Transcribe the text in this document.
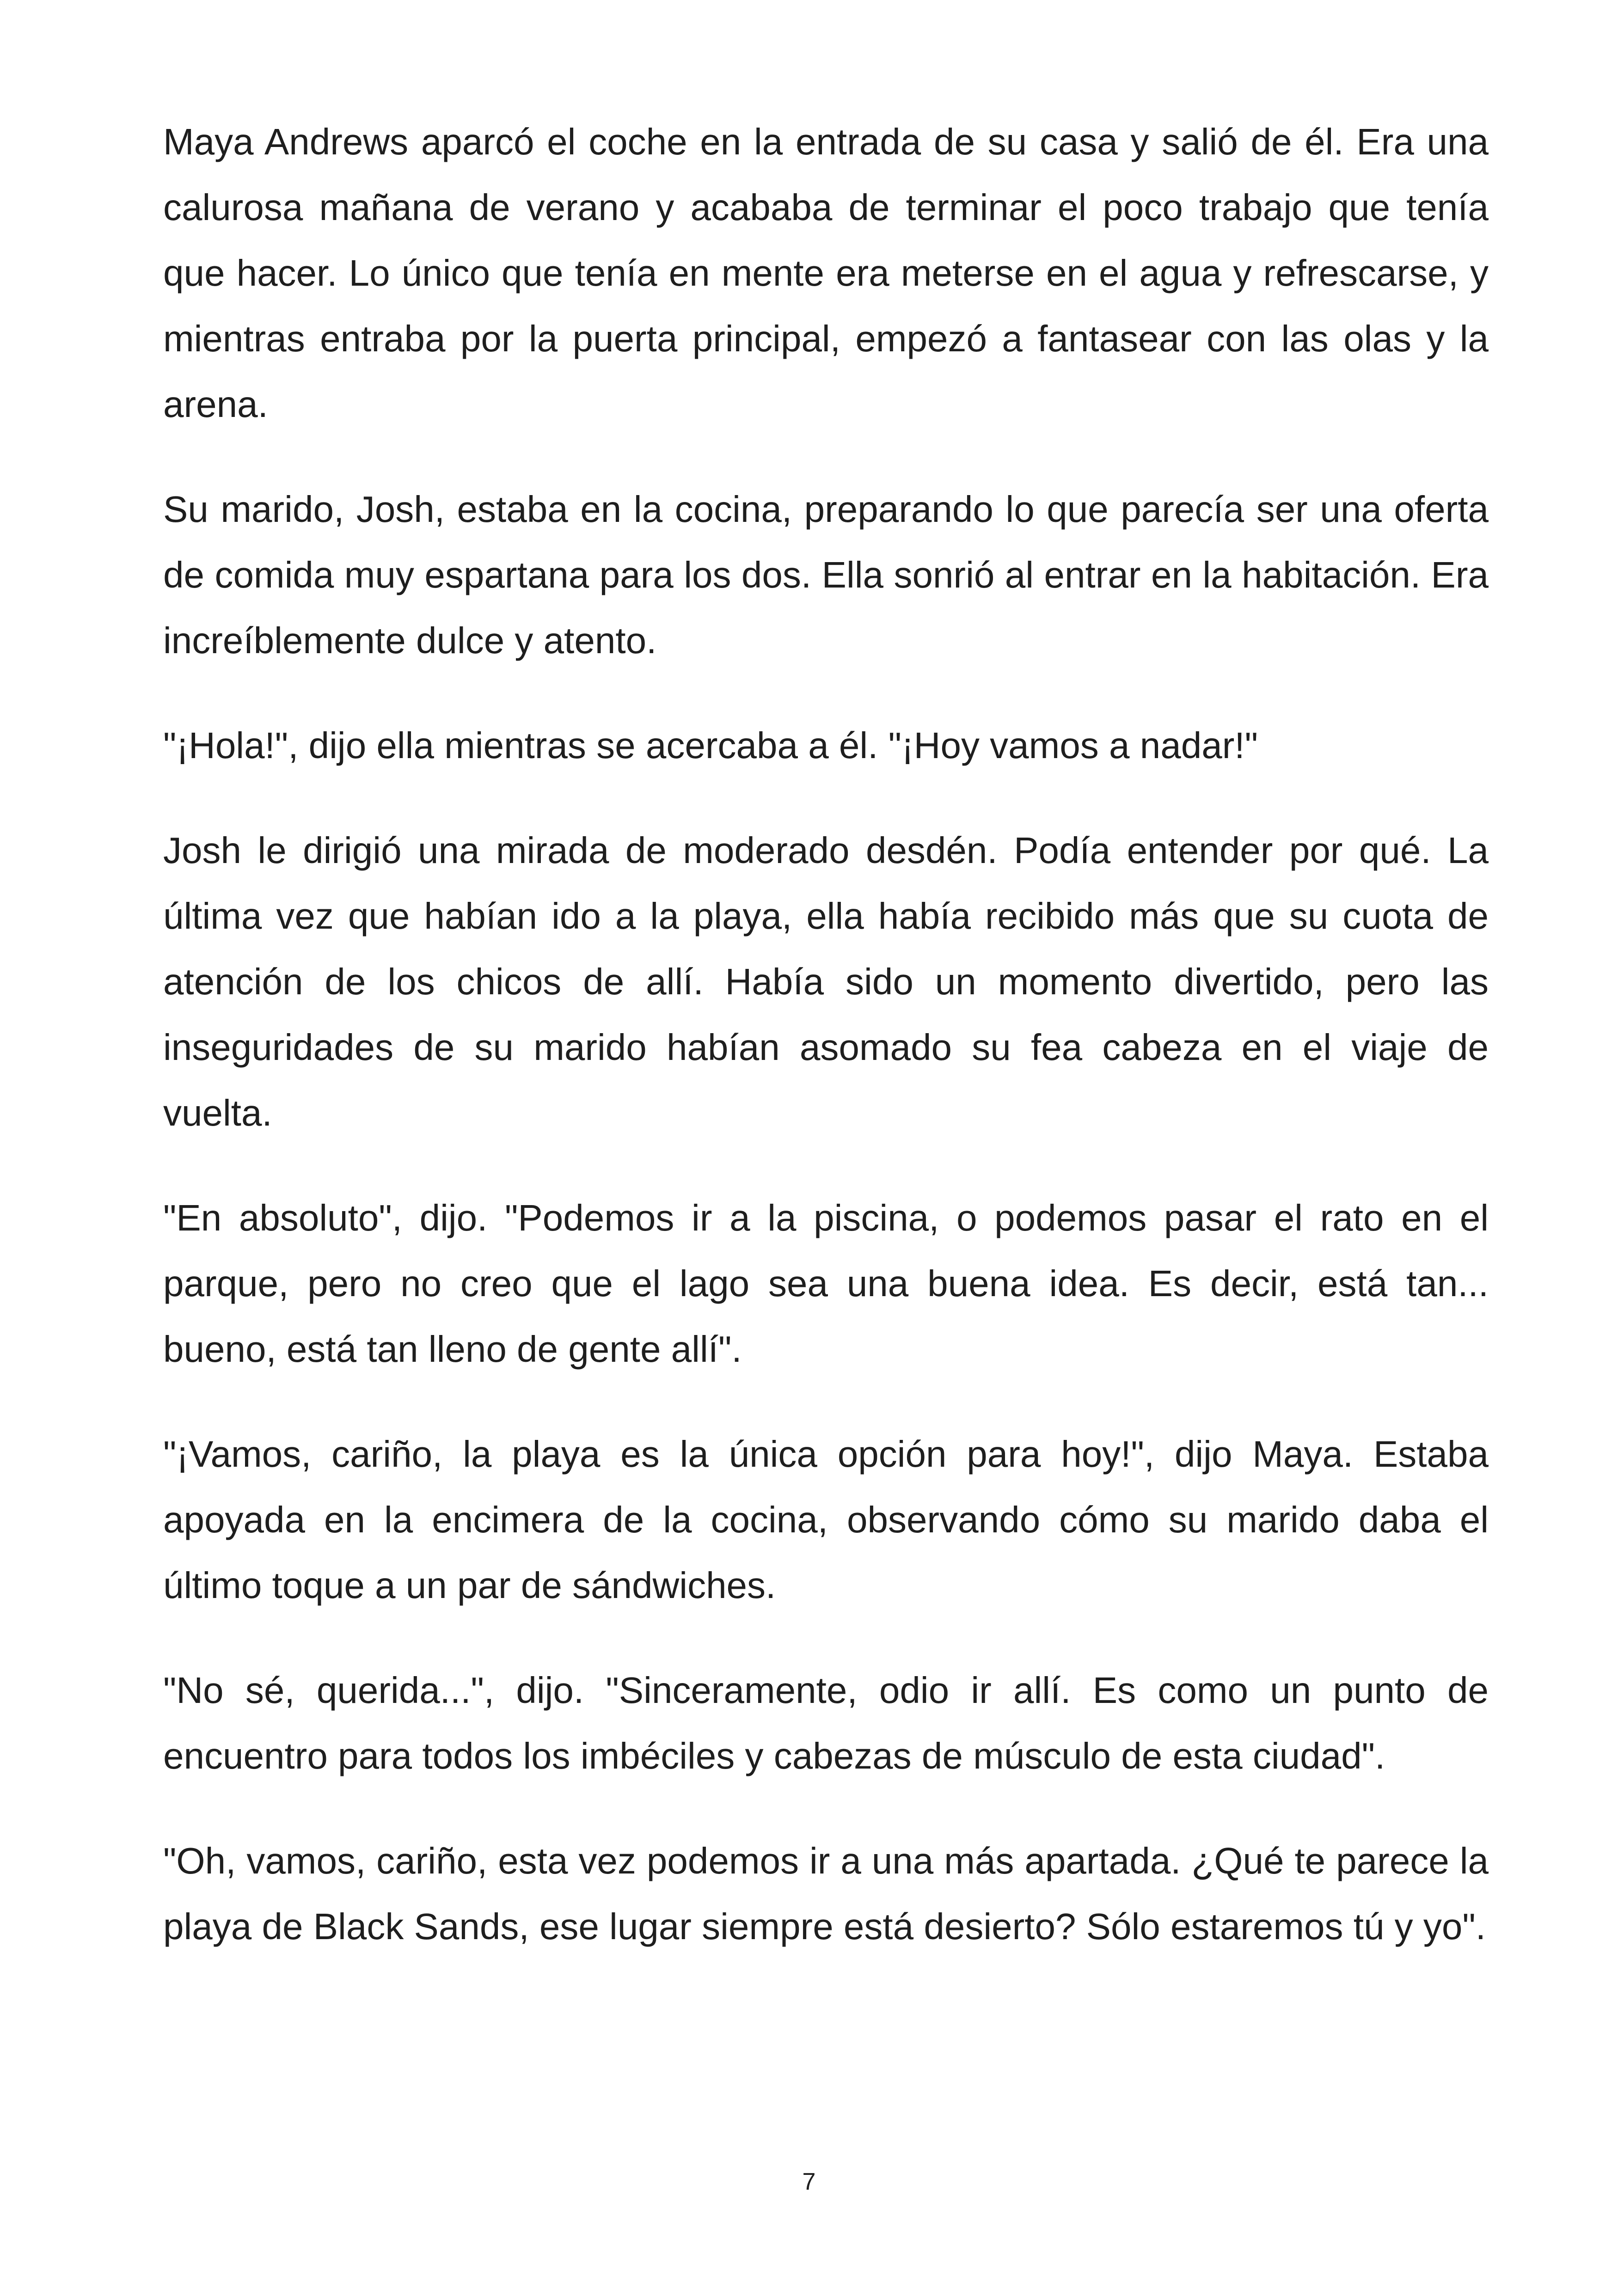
Maya Andrews aparcó el coche en la entrada de su casa y salió de él. Era una calurosa mañana de verano y acababa de terminar el poco trabajo que tenía que hacer. Lo único que tenía en mente era meterse en el agua y refrescarse, y mientras entraba por la puerta principal, empezó a fantasear con las olas y la arena.

Su marido, Josh, estaba en la cocina, preparando lo que parecía ser una oferta de comida muy espartana para los dos. Ella sonrió al entrar en la habitación. Era increíblemente dulce y atento.

"¡Hola!", dijo ella mientras se acercaba a él. "¡Hoy vamos a nadar!"

Josh le dirigió una mirada de moderado desdén. Podía entender por qué. La última vez que habían ido a la playa, ella había recibido más que su cuota de atención de los chicos de allí. Había sido un momento divertido, pero las inseguridades de su marido habían asomado su fea cabeza en el viaje de vuelta.

"En absoluto", dijo. "Podemos ir a la piscina, o podemos pasar el rato en el parque, pero no creo que el lago sea una buena idea. Es decir, está tan... bueno, está tan lleno de gente allí".

"¡Vamos, cariño, la playa es la única opción para hoy!", dijo Maya. Estaba apoyada en la encimera de la cocina, observando cómo su marido daba el último toque a un par de sándwiches.

"No sé, querida...", dijo. "Sinceramente, odio ir allí. Es como un punto de encuentro para todos los imbéciles y cabezas de músculo de esta ciudad".

"Oh, vamos, cariño, esta vez podemos ir a una más apartada. ¿Qué te parece la playa de Black Sands, ese lugar siempre está desierto? Sólo estaremos tú y yo".

7
